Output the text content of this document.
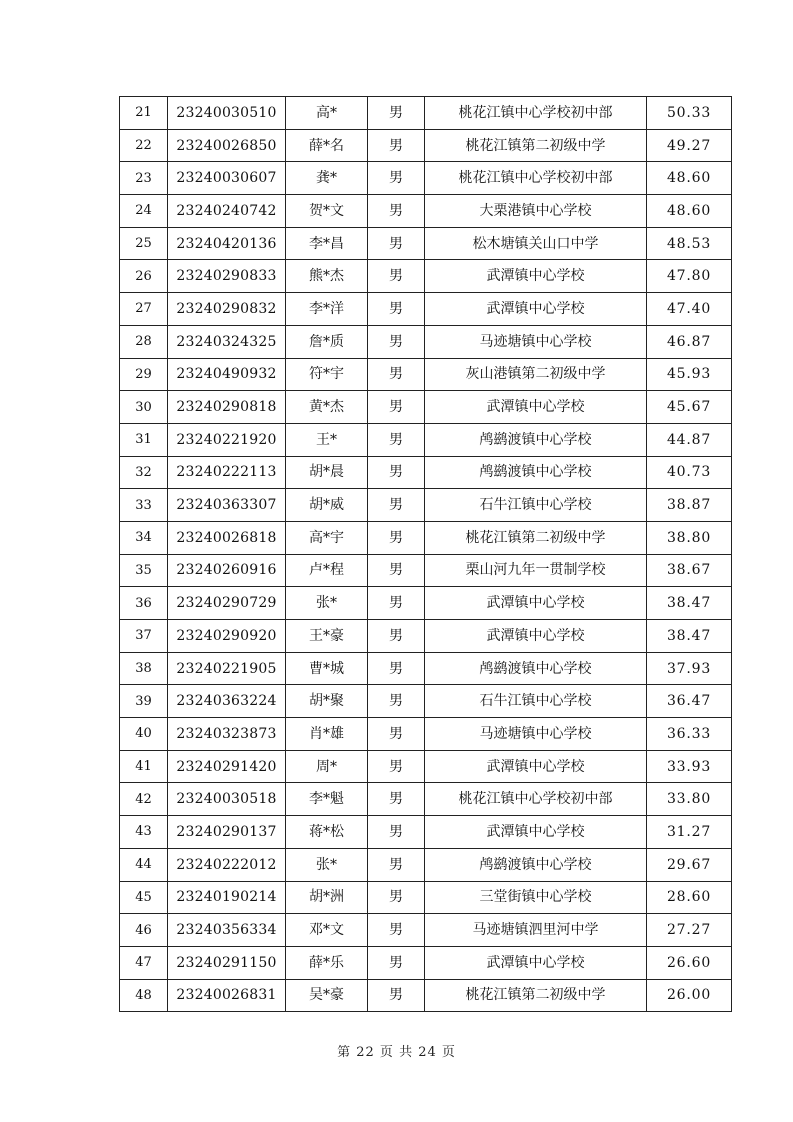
21	23240030510	高*	男	桃花江镇中心学校初中部	50.33
22	23240026850	薛*名	男	桃花江镇第二初级中学	49.27
23	23240030607	龚*	男	桃花江镇中心学校初中部	48.60
24	23240240742	贺*文	男	大栗港镇中心学校	48.60
25	23240420136	李*昌	男	松木塘镇关山口中学	48.53
26	23240290833	熊*杰	男	武潭镇中心学校	47.80
27	23240290832	李*洋	男	武潭镇中心学校	47.40
28	23240324325	詹*质	男	马迹塘镇中心学校	46.87
29	23240490932	符*宇	男	灰山港镇第二初级中学	45.93
30	23240290818	黄*杰	男	武潭镇中心学校	45.67
31	23240221920	王*	男	鸬鹚渡镇中心学校	44.87
32	23240222113	胡*晨	男	鸬鹚渡镇中心学校	40.73
33	23240363307	胡*威	男	石牛江镇中心学校	38.87
34	23240026818	高*宇	男	桃花江镇第二初级中学	38.80
35	23240260916	卢*程	男	栗山河九年一贯制学校	38.67
36	23240290729	张*	男	武潭镇中心学校	38.47
37	23240290920	王*豪	男	武潭镇中心学校	38.47
38	23240221905	曹*城	男	鸬鹚渡镇中心学校	37.93
39	23240363224	胡*聚	男	石牛江镇中心学校	36.47
40	23240323873	肖*雄	男	马迹塘镇中心学校	36.33
41	23240291420	周*	男	武潭镇中心学校	33.93
42	23240030518	李*魁	男	桃花江镇中心学校初中部	33.80
43	23240290137	蒋*松	男	武潭镇中心学校	31.27
44	23240222012	张*	男	鸬鹚渡镇中心学校	29.67
45	23240190214	胡*洲	男	三堂街镇中心学校	28.60
46	23240356334	邓*文	男	马迹塘镇泗里河中学	27.27
47	23240291150	薛*乐	男	武潭镇中心学校	26.60
48	23240026831	吴*豪	男	桃花江镇第二初级中学	26.00
第 22 页 共 24 页
